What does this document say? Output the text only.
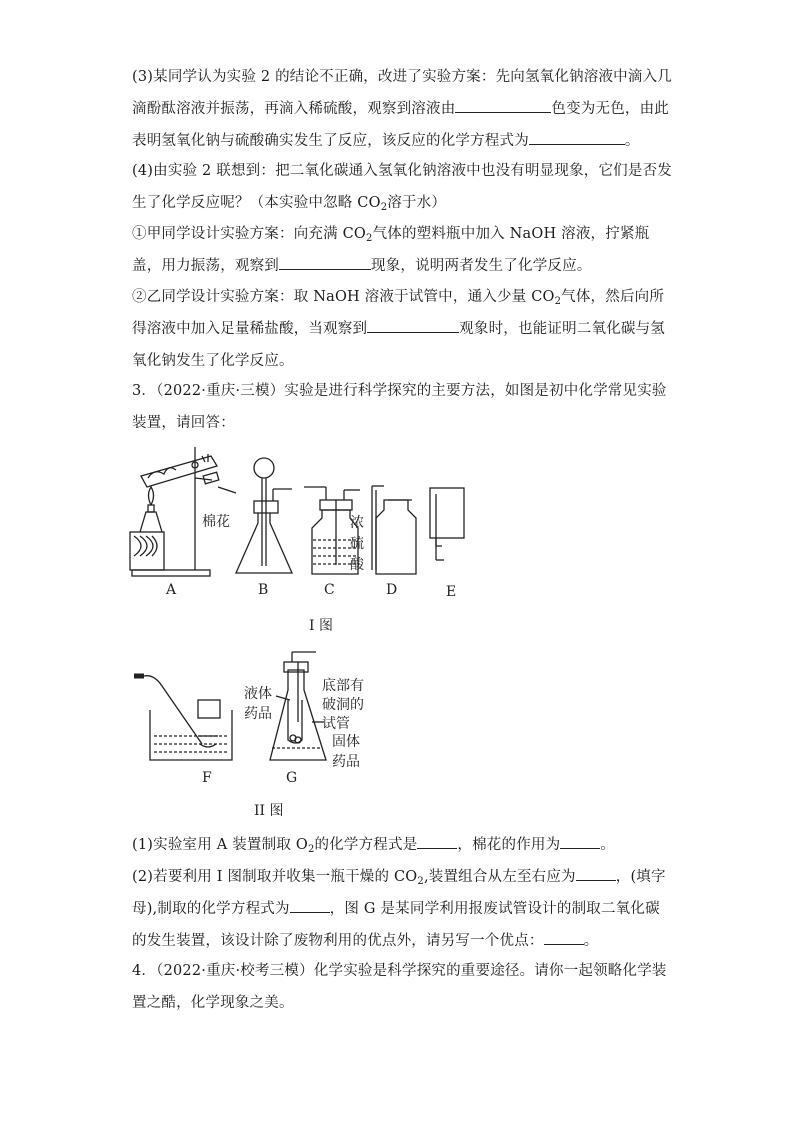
(3)某同学认为实验 2 的结论不正确，改进了实验方案：先向氢氧化钠溶液中滴入几滴酚酞溶液并振荡，再滴入稀硫酸，观察到溶液由	色变为无色，由此表明氢氧化钠与硫酸确实发生了反应，该反应的化学方程式为	。
(4)由实验 2 联想到：把二氧化碳通入氢氧化钠溶液中也没有明显现象，它们是否发生了化学反应呢？（本实验中忽略 $CO_2$溶于水）
①甲同学设计实验方案：向充满 $CO_2$气体的塑料瓶中加入 NaOH 溶液，拧紧瓶盖，用力振荡，观察到	现象，说明两者发生了化学反应。
②乙同学设计实验方案：取 NaOH 溶液于试管中，通入少量 $CO_2$气体，然后向所得溶液中加入足量稀盐酸，当观察到	观象时，也能证明二氧化碳与氢氧化钠发生了化学反应。
3．（2022·重庆·三模）实验是进行科学探究的主要方法，如图是初中化学常见实验装置，请回答：
棉花	浓
硫
酸
A	B	C	D	E
I 图
液体
药品
底部有
破洞的
试管
固体
药品
F	G
II 图
(1)实验室用 A 装置制取 $O_2$的化学方程式是	，棉花的作用为	。
(2)若要利用 I 图制取并收集一瓶干燥的 $CO_2$,装置组合从左至右应为	，(填字母),制取的化学方程式为	，图 G 是某同学利用报废试管设计的制取二氧化碳的发生装置，该设计除了废物利用的优点外，请另写一个优点：	。
4．（2022·重庆·校考三模）化学实验是科学探究的重要途径。请你一起领略化学装置之酷，化学现象之美。
